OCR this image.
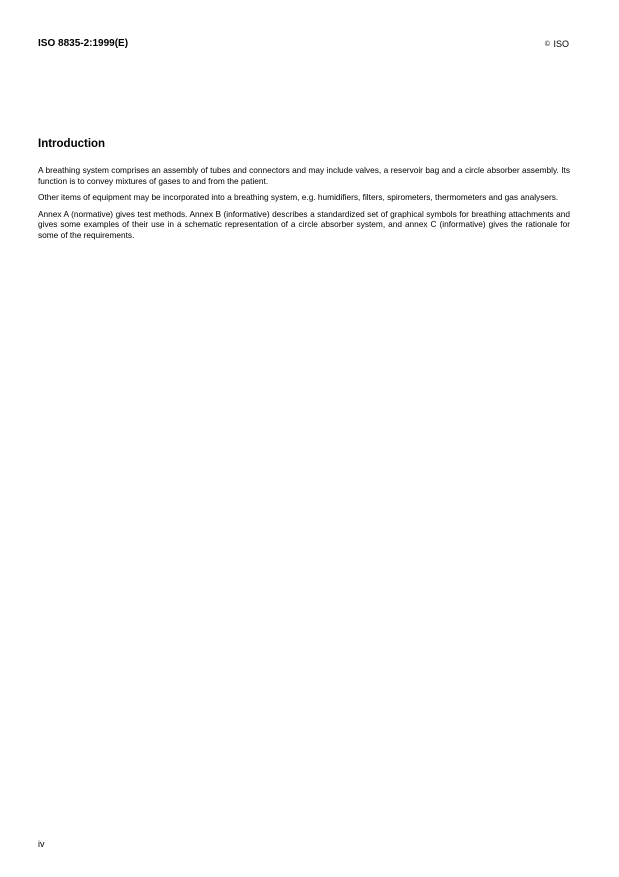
ISO 8835-2:1999(E)	© ISO
Introduction

A breathing system comprises an assembly of tubes and connectors and may include valves, a reservoir bag and a circle absorber assembly. Its function is to convey mixtures of gases to and from the patient.

Other items of equipment may be incorporated into a breathing system, e.g. humidifiers, filters, spirometers, thermometers and gas analysers.

Annex A (normative) gives test methods. Annex B (informative) describes a standardized set of graphical symbols for breathing attachments and gives some examples of their use in a schematic representation of a circle absorber system, and annex C (informative) gives the rationale for some of the requirements.

iv
